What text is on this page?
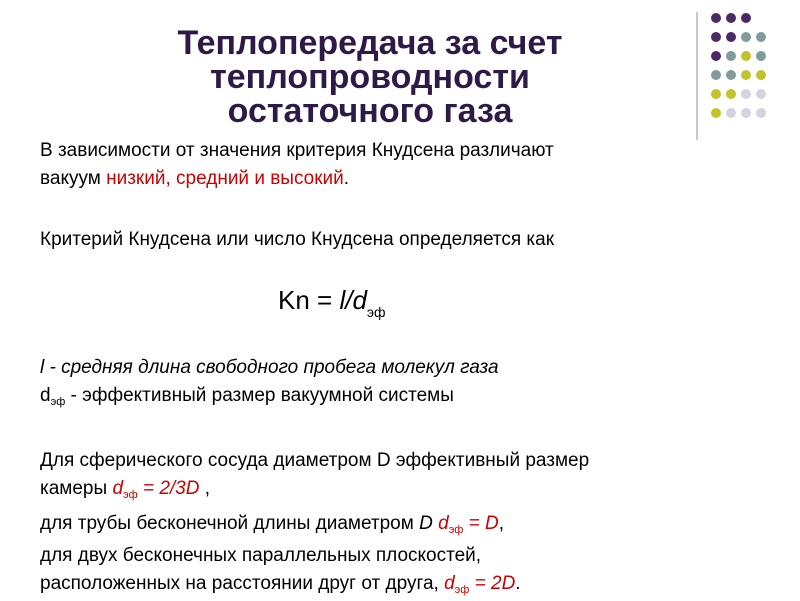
Теплопередача за счет
теплопроводности
остаточного газа
В зависимости от значения критерия Кнудсена различают
вакуум низкий, средний и высокий.
Критерий Кнудсена или число Кнудсена определяется как
$Kn = l/d_{эф}$
l - средняя длина свободного пробега молекул газа
$d_{эф}$ - эффективный размер вакуумной системы
Для сферического сосуда диаметром D эффективный размер
камеры $d_{эф} = 2/3D$ ,
для трубы бесконечной длины диаметром D $d_{эф} = D$,
для двух бесконечных параллельных плоскостей,
расположенных на расстоянии друг от друга, $d_{эф} = 2D$.
